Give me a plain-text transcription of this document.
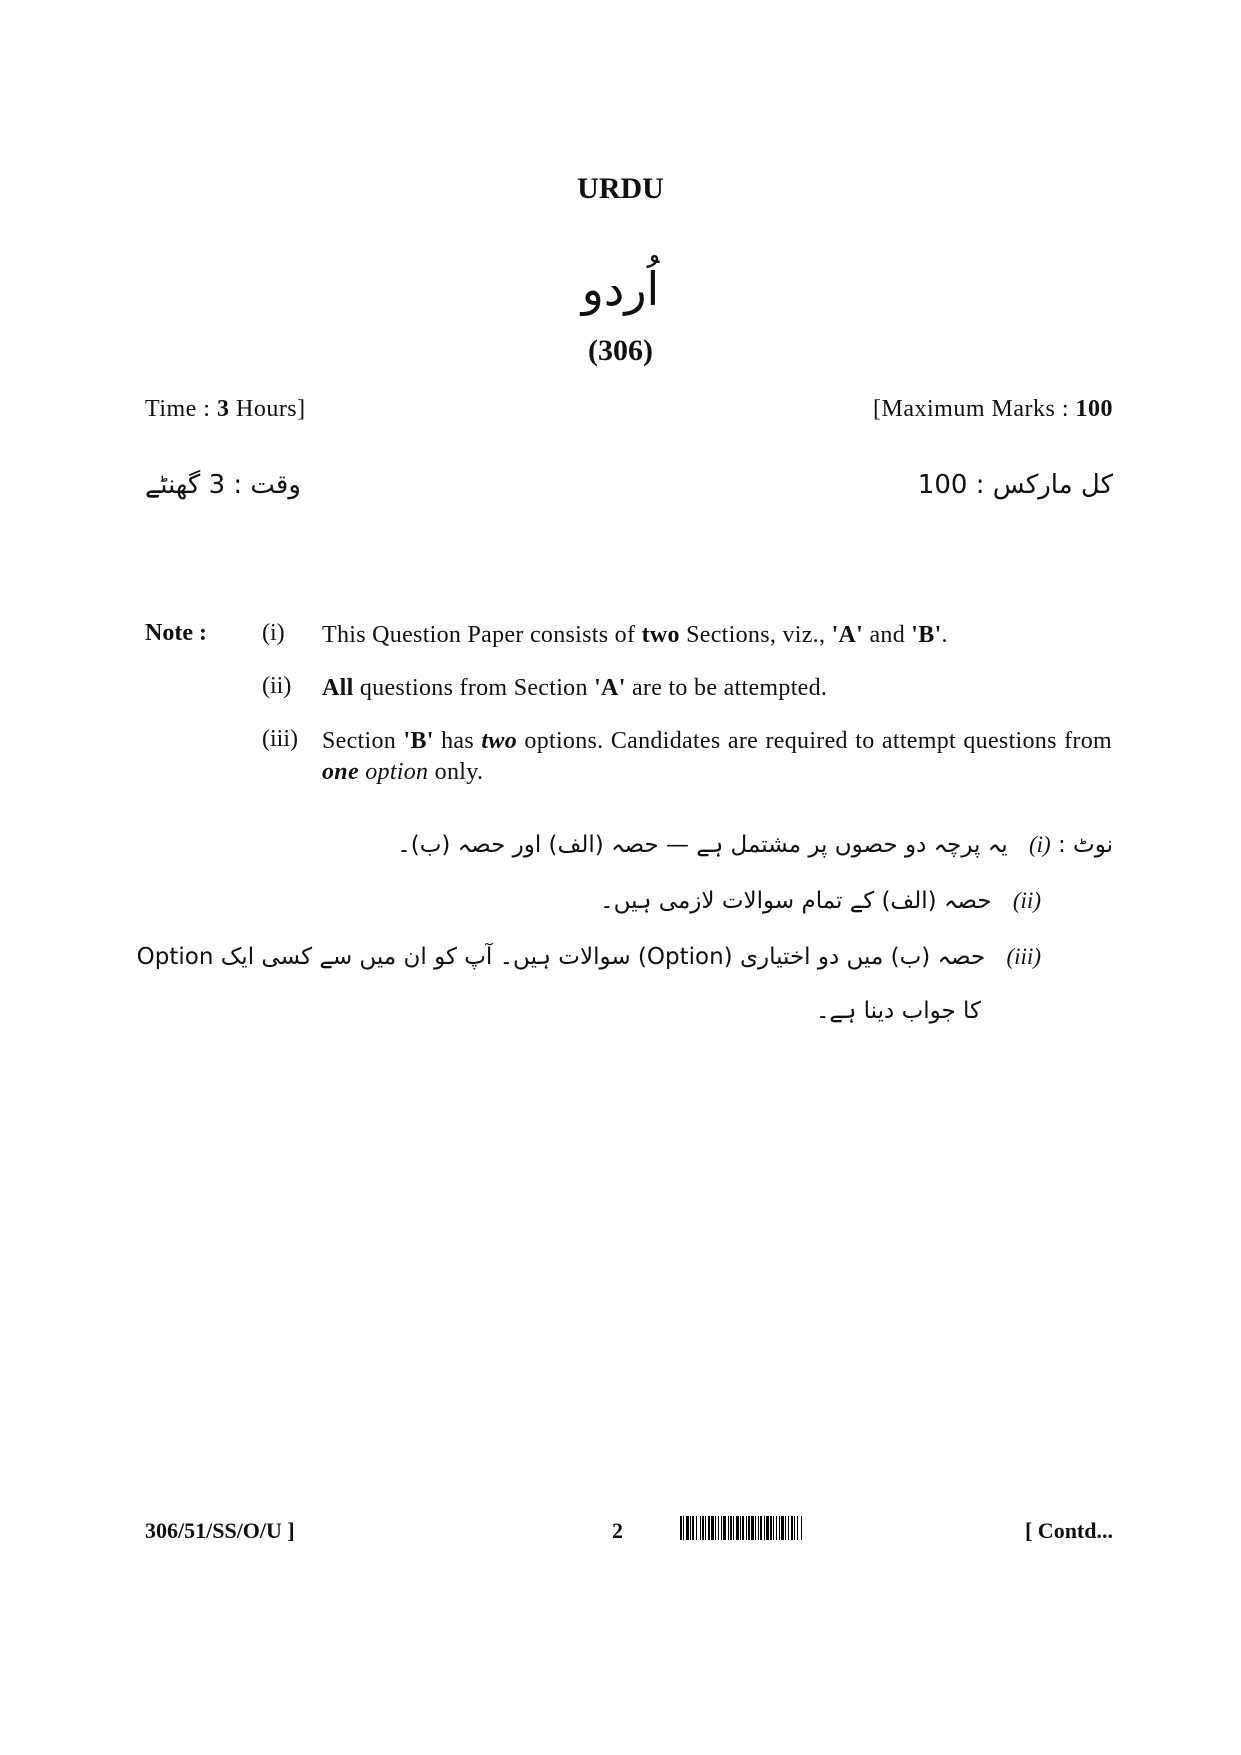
URDU
اُردو
(306)
Time : 3 Hours]	[Maximum Marks : 100
وقت : 3 گھنٹے	کل مارکس : 100
Note : (i) This Question Paper consists of two Sections, viz., 'A' and 'B'.
(ii) All questions from Section 'A' are to be attempted.
(iii) Section 'B' has two options. Candidates are required to attempt questions from one option only.
نوٹ : (i) یہ پرچہ دو حصوں پر مشتمل ہے — حصہ (الف) اور حصہ (ب)۔
(ii) حصہ (الف) کے تمام سوالات لازمی ہیں۔
(iii) حصہ (ب) میں دو اختیاری (Option) سوالات ہیں۔ آپ کو ان میں سے کسی ایک Option
کا جواب دینا ہے۔
306/51/SS/O/U ]	2	[ Contd...
